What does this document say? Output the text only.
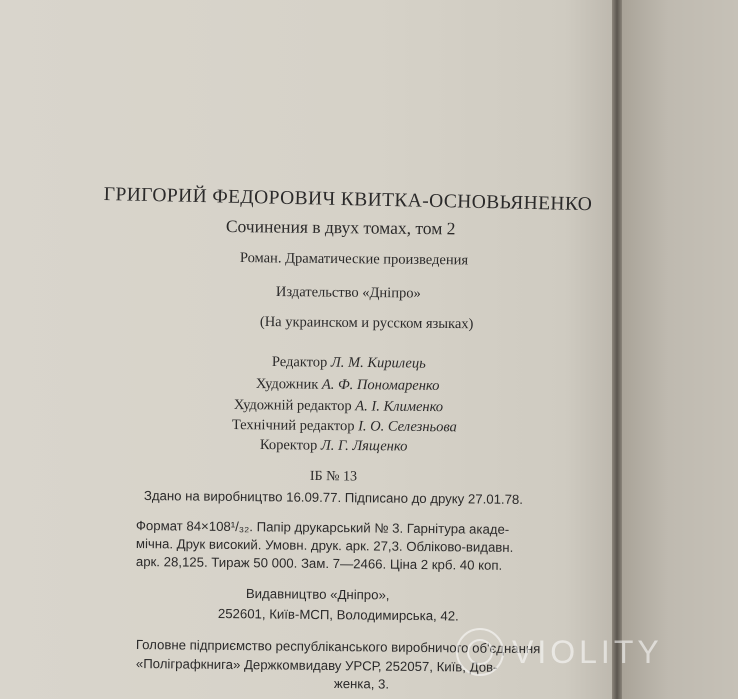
ГРИГОРИЙ ФЕДОРОВИЧ КВИТКА-ОСНОВЬЯНЕНКО
Сочинения в двух томах, том 2
Роман. Драматические произведения
Издательство «Дніпро»
(На украинском и русском языках)
Редактор Л. М. Кирилець
Художник А. Ф. Пономаренко
Художній редактор А. І. Клименко
Технічний редактор І. О. Селезньова
Коректор Л. Г. Лященко
ІБ № 13
Здано на виробництво 16.09.77. Підписано до друку 27.01.78.
Формат 84×108¹/₃₂. Папір друкарський № 3. Гарнітура акаде-
мічна. Друк високий. Умовн. друк. арк. 27,3. Обліково-видавн.
арк. 28,125. Тираж 50 000. Зам. 7—2466. Ціна 2 крб. 40 коп.
Видавництво «Дніпро»,
252601, Київ-МСП, Володимирська, 42.
Головне підприємство республіканського виробничого об'єднання
«Поліграфкнига» Держкомвидаву УРСР, 252057, Київ, Дов-
женка, 3.
VIOLITY
